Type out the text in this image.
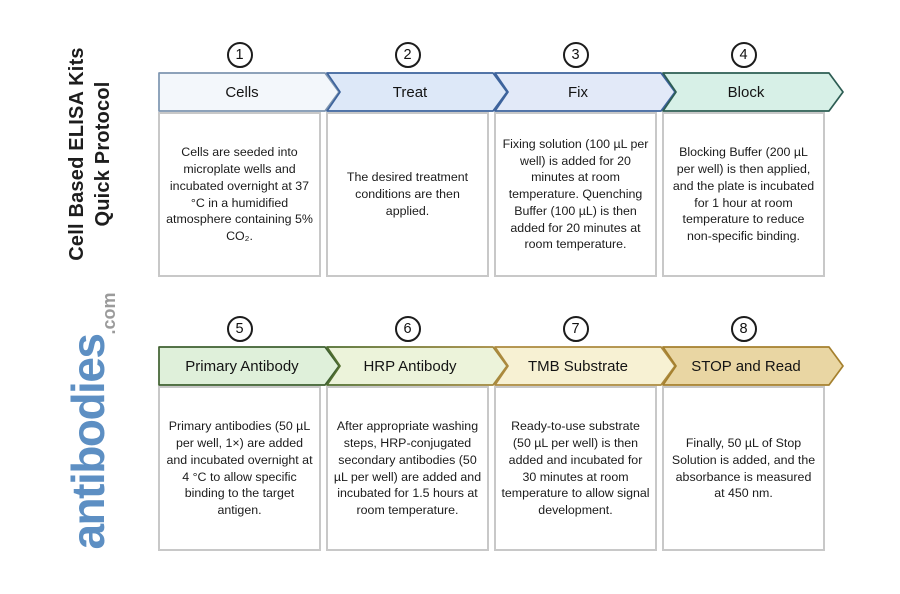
Cell Based ELISA Kits Quick Protocol
antibodies
.com
1	2	3	4
Cells	Treat	Fix	Block
Cells are seeded into microplate wells and incubated overnight at 37 °C in a humidified atmosphere containing 5% CO₂.
The desired treatment conditions are then applied.
Fixing solution (100 µL per well) is added for 20 minutes at room temperature. Quenching Buffer (100 µL) is then added for 20 minutes at room temperature.
Blocking Buffer (200 µL per well) is then applied, and the plate is incubated for 1 hour at room temperature to reduce non-specific binding.
5	6	7	8
Primary Antibody	HRP Antibody	TMB Substrate	STOP and Read
Primary antibodies (50 µL per well, 1×) are added and incubated overnight at 4 °C to allow specific binding to the target antigen.
After appropriate washing steps, HRP-conjugated secondary antibodies (50 µL per well) are added and incubated for 1.5 hours at room temperature.
Ready-to-use substrate (50 µL per well) is then added and incubated for 30 minutes at room temperature to allow signal development.
Finally, 50 µL of Stop Solution is added, and the absorbance is measured at 450 nm.
